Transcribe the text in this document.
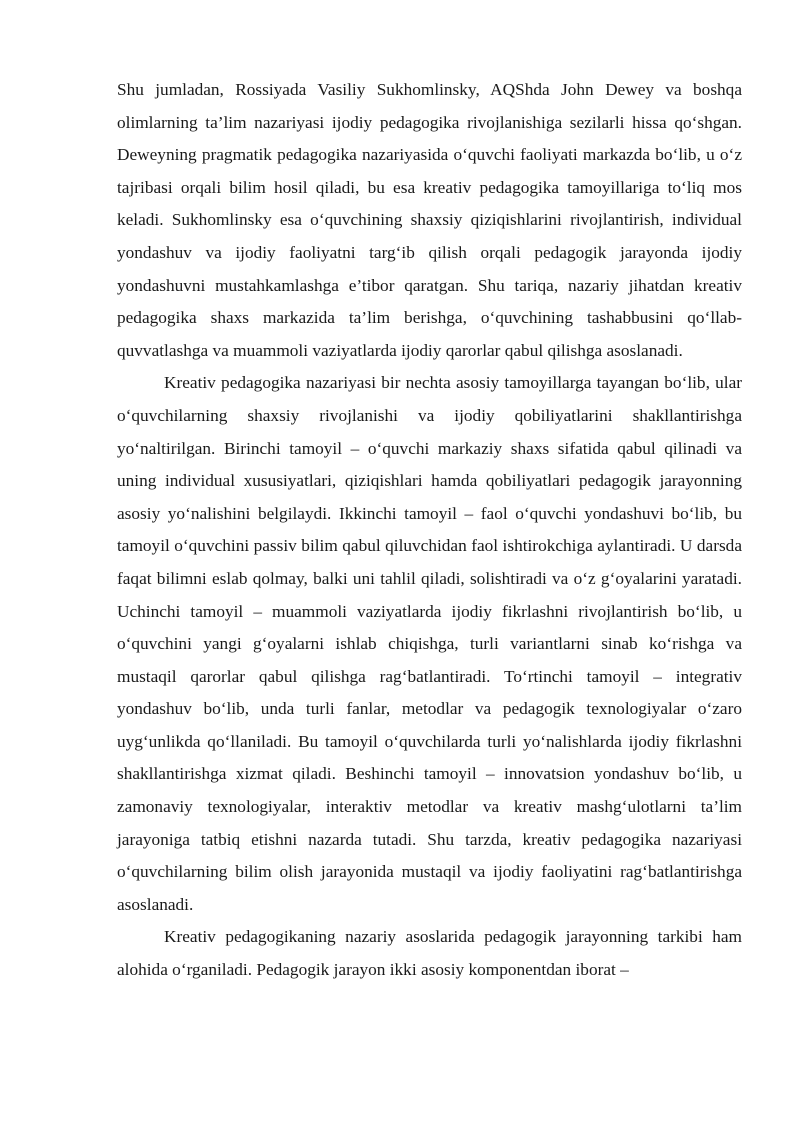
Shu jumladan, Rossiyada Vasiliy Sukhomlinsky, AQShda John Dewey va boshqa olimlarning ta’lim nazariyasi ijodiy pedagogika rivojlanishiga sezilarli hissa qo‘shgan. Deweyning pragmatik pedagogika nazariyasida o‘quvchi faoliyati markazda bo‘lib, u o‘z tajribasi orqali bilim hosil qiladi, bu esa kreativ pedagogika tamoyillariga to‘liq mos keladi. Sukhomlinsky esa o‘quvchining shaxsiy qiziqishlarini rivojlantirish, individual yondashuv va ijodiy faoliyatni targ‘ib qilish orqali pedagogik jarayonda ijodiy yondashuvni mustahkamlashga e’tibor qaratgan. Shu tariqa, nazariy jihatdan kreativ pedagogika shaxs markazida ta’lim berishga, o‘quvchining tashabbusini qo‘llab-quvvatlashga va muammoli vaziyatlarda ijodiy qarorlar qabul qilishga asoslanadi.

Kreativ pedagogika nazariyasi bir nechta asosiy tamoyillarga tayangan bo‘lib, ular o‘quvchilarning shaxsiy rivojlanishi va ijodiy qobiliyatlarini shakllantirishga yo‘naltirilgan. Birinchi tamoyil – o‘quvchi markaziy shaxs sifatida qabul qilinadi va uning individual xususiyatlari, qiziqishlari hamda qobiliyatlari pedagogik jarayonning asosiy yo‘nalishini belgilaydi. Ikkinchi tamoyil – faol o‘quvchi yondashuvi bo‘lib, bu tamoyil o‘quvchini passiv bilim qabul qiluvchidan faol ishtirokchiga aylantiradi. U darsda faqat bilimni eslab qolmay, balki uni tahlil qiladi, solishtiradi va o‘z g‘oyalarini yaratadi. Uchinchi tamoyil – muammoli vaziyatlarda ijodiy fikrlashni rivojlantirish bo‘lib, u o‘quvchini yangi g‘oyalarni ishlab chiqishga, turli variantlarni sinab ko‘rishga va mustaqil qarorlar qabul qilishga rag‘batlantiradi. To‘rtinchi tamoyil – integrativ yondashuv bo‘lib, unda turli fanlar, metodlar va pedagogik texnologiyalar o‘zaro uyg‘unlikda qo‘llaniladi. Bu tamoyil o‘quvchilarda turli yo‘nalishlarda ijodiy fikrlashni shakllantirishga xizmat qiladi. Beshinchi tamoyil – innovatsion yondashuv bo‘lib, u zamonaviy texnologiyalar, interaktiv metodlar va kreativ mashg‘ulotlarni ta’lim jarayoniga tatbiq etishni nazarda tutadi. Shu tarzda, kreativ pedagogika nazariyasi o‘quvchilarning bilim olish jarayonida mustaqil va ijodiy faoliyatini rag‘batlantirishga asoslanadi.

Kreativ pedagogikaning nazariy asoslarida pedagogik jarayonning tarkibi ham alohida o‘rganiladi. Pedagogik jarayon ikki asosiy komponentdan iborat –
